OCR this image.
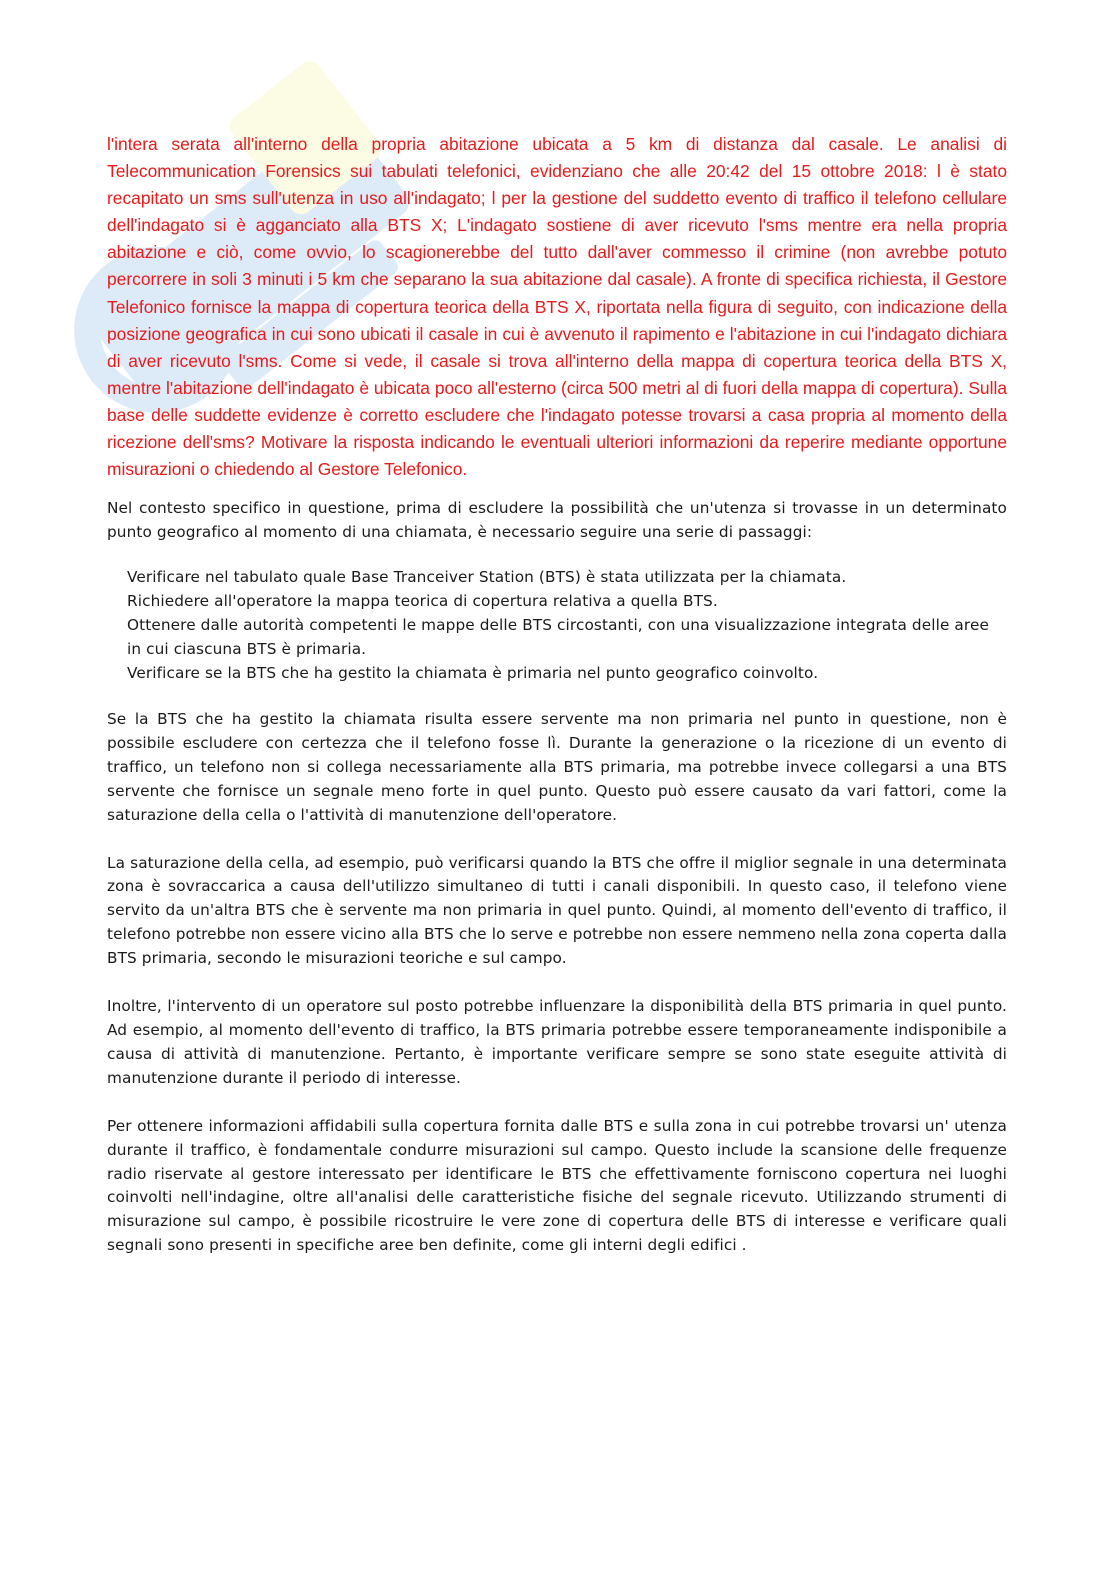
l'intera serata all'interno della propria abitazione ubicata a 5 km di distanza dal casale. Le analisi di Telecommunication Forensics sui tabulati telefonici, evidenziano che alle 20:42 del 15 ottobre 2018: l è stato recapitato un sms sull'utenza in uso all'indagato; l per la gestione del suddetto evento di traffico il telefono cellulare dell'indagato si è agganciato alla BTS X; L'indagato sostiene di aver ricevuto l'sms mentre era nella propria abitazione e ciò, come ovvio, lo scagionerebbe del tutto dall'aver commesso il crimine (non avrebbe potuto percorrere in soli 3 minuti i 5 km che separano la sua abitazione dal casale). A fronte di specifica richiesta, il Gestore Telefonico fornisce la mappa di copertura teorica della BTS X, riportata nella figura di seguito, con indicazione della posizione geografica in cui sono ubicati il casale in cui è avvenuto il rapimento e l'abitazione in cui l'indagato dichiara di aver ricevuto l'sms. Come si vede, il casale si trova all'interno della mappa di copertura teorica della BTS X, mentre l'abitazione dell'indagato è ubicata poco all'esterno (circa 500 metri al di fuori della mappa di copertura). Sulla base delle suddette evidenze è corretto escludere che l'indagato potesse trovarsi a casa propria al momento della ricezione dell'sms? Motivare la risposta indicando le eventuali ulteriori informazioni da reperire mediante opportune misurazioni o chiedendo al Gestore Telefonico.

Nel contesto specifico in questione, prima di escludere la possibilità che un'utenza si trovasse in un determinato punto geografico al momento di una chiamata, è necessario seguire una serie di passaggi:

Verificare nel tabulato quale Base Tranceiver Station (BTS) è stata utilizzata per la chiamata.
Richiedere all'operatore la mappa teorica di copertura relativa a quella BTS.
Ottenere dalle autorità competenti le mappe delle BTS circostanti, con una visualizzazione integrata delle aree in cui ciascuna BTS è primaria.
Verificare se la BTS che ha gestito la chiamata è primaria nel punto geografico coinvolto.

Se la BTS che ha gestito la chiamata risulta essere servente ma non primaria nel punto in questione, non è possibile escludere con certezza che il telefono fosse lì. Durante la generazione o la ricezione di un evento di traffico, un telefono non si collega necessariamente alla BTS primaria, ma potrebbe invece collegarsi a una BTS servente che fornisce un segnale meno forte in quel punto. Questo può essere causato da vari fattori, come la saturazione della cella o l'attività di manutenzione dell'operatore.

La saturazione della cella, ad esempio, può verificarsi quando la BTS che offre il miglior segnale in una determinata zona è sovraccarica a causa dell'utilizzo simultaneo di tutti i canali disponibili. In questo caso, il telefono viene servito da un'altra BTS che è servente ma non primaria in quel punto. Quindi, al momento dell'evento di traffico, il telefono potrebbe non essere vicino alla BTS che lo serve e potrebbe non essere nemmeno nella zona coperta dalla BTS primaria, secondo le misurazioni teoriche e sul campo.

Inoltre, l'intervento di un operatore sul posto potrebbe influenzare la disponibilità della BTS primaria in quel punto. Ad esempio, al momento dell'evento di traffico, la BTS primaria potrebbe essere temporaneamente indisponibile a causa di attività di manutenzione. Pertanto, è importante verificare sempre se sono state eseguite attività di manutenzione durante il periodo di interesse.

Per ottenere informazioni affidabili sulla copertura fornita dalle BTS e sulla zona in cui potrebbe trovarsi un' utenza durante il traffico, è fondamentale condurre misurazioni sul campo. Questo include la scansione delle frequenze radio riservate al gestore interessato per identificare le BTS che effettivamente forniscono copertura nei luoghi coinvolti nell'indagine, oltre all'analisi delle caratteristiche fisiche del segnale ricevuto. Utilizzando strumenti di misurazione sul campo, è possibile ricostruire le vere zone di copertura delle BTS di interesse e verificare quali segnali sono presenti in specifiche aree ben definite, come gli interni degli edifici .
